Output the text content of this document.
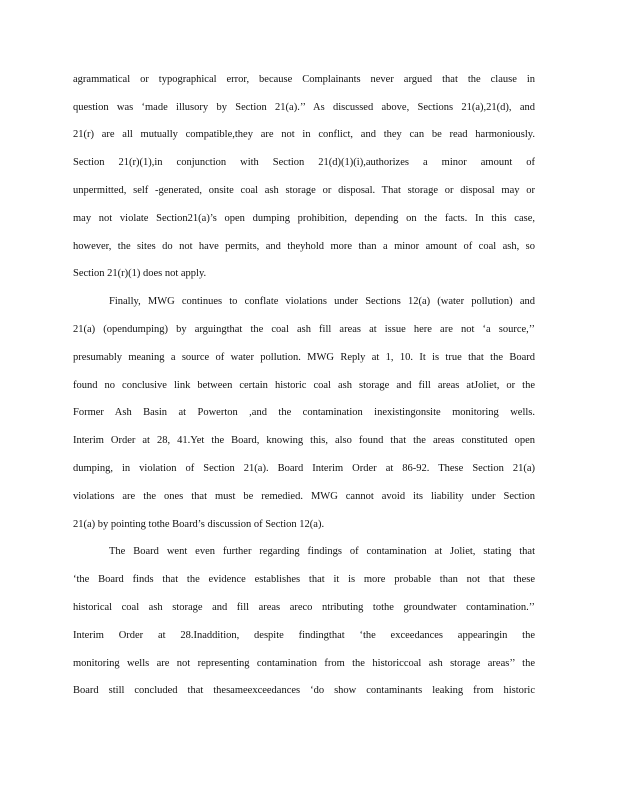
agrammatical or typographical error, because Complainants never argued that the clause in
question was ‘made illusory by Section 21(a).’’ As discussed above, Sections 21(a),21(d), and
21(r) are all mutually compatible,they are not in conflict, and they can be read harmoniously.
Section 21(r)(1),in conjunction with Section 21(d)(1)(i),authorizes a minor amount of
unpermitted, self -generated, onsite coal ash storage or disposal. That storage or disposal may or
may not violate Section21(a)’s open dumping prohibition, depending on the facts. In this case,
however, the sites do not have permits, and theyhold more than a minor amount of coal ash, so
Section 21(r)(1) does not apply.
Finally, MWG continues to conflate violations under Sections 12(a) (water pollution) and
21(a) (opendumping) by arguingthat the coal ash fill areas at issue here are not ‘a source,’’
presumably meaning a source of water pollution. MWG Reply at 1, 10. It is true that the Board
found no conclusive link between certain historic coal ash storage and fill areas atJoliet, or the
Former Ash Basin at Powerton ,and the contamination inexistingonsite monitoring wells.
Interim Order at 28, 41.Yet the Board, knowing this, also found that the areas constituted open
dumping, in violation of Section 21(a). Board Interim Order at 86-92. These Section 21(a)
violations are the ones that must be remedied. MWG cannot avoid its liability under Section
21(a) by pointing tothe Board’s discussion of Section 12(a).
The Board went even further regarding findings of contamination at Joliet, stating that
‘the Board finds that the evidence establishes that it is more probable than not that these
historical coal ash storage and fill areas areco ntributing tothe groundwater contamination.’’
Interim Order at 28.Inaddition, despite findingthat ‘the exceedances appearingin the
monitoring wells are not representing contamination from the historiccoal ash storage areas’’ the
Board still concluded that thesameexceedances ‘do show contaminants leaking from historic
